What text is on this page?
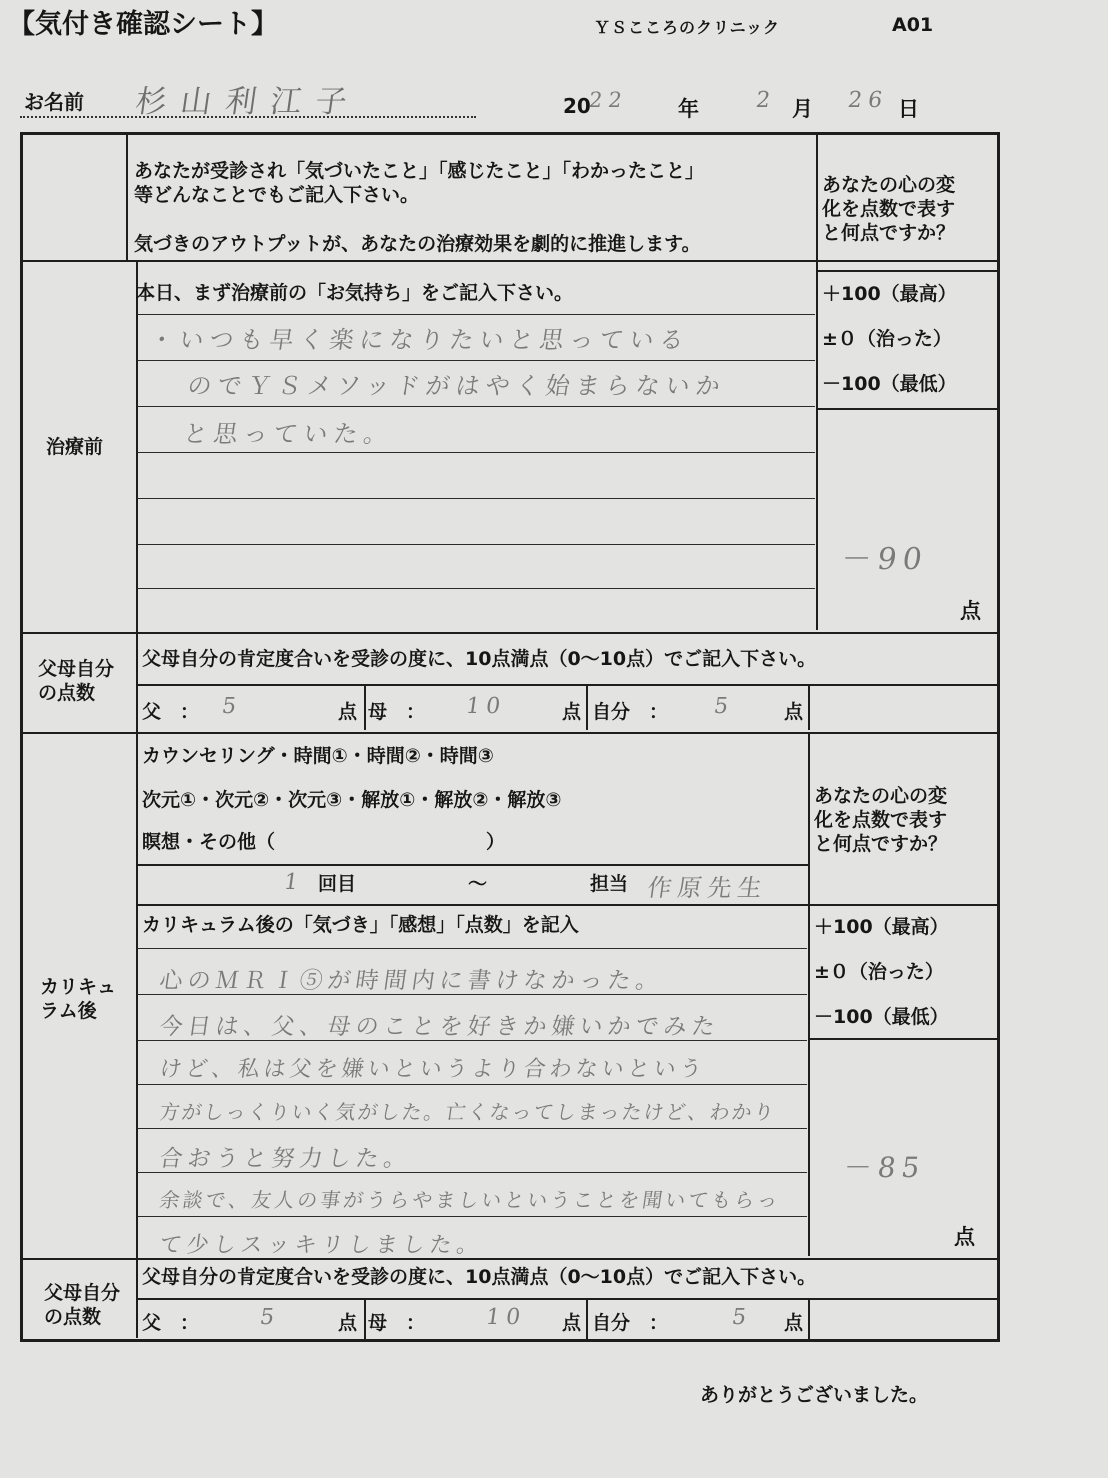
【気付き確認シート】	ＹＳこころのクリニック	A01
お名前 杉山利江子	20
22 年	2 月 26 日
あなたが受診され「気づいたこと」「感じたこと」「わかったこと」
等どんなことでもご記入下さい。
気づきのアウトプットが、あなたの治療効果を劇的に推進します。
あなたの心の変
化を点数で表す
と何点ですか？
治療前
本日、まず治療前の「お気持ち」をご記入下さい。
・いつも早く楽になりたいと思っている
のでＹＳメソッドがはやく始まらないか
と思っていた。
＋100（最高）
±０（治った）
－100（最低）
－90
点
父母自分
の点数
父母自分の肯定度合いを受診の度に、10点満点（0～10点）でご記入下さい。
父　： 5	点 母　： 10	点 自分　： 5	点
カリキュ
ラム後
カウンセリング・時間①・時間②・時間③
次元①・次元②・次元③・解放①・解放②・解放③
瞑想・その他（	）
1 回目	～	担当 作原先生
カリキュラム後の「気づき」「感想」「点数」を記入
あなたの心の変
化を点数で表す
と何点ですか？
心のＭＲＩ⑤が時間内に書けなかった。
今日は、父、母のことを好きか嫌いかでみた
けど、私は父を嫌いというより合わないという
方がしっくりいく気がした。亡くなってしまったけど、わかり
合おうと努力した。
余談で、友人の事がうらやましいということを聞いてもらっ
て少しスッキリしました。
＋100（最高）
±０（治った）
－100（最低）
－85
点
父母自分
の点数
父母自分の肯定度合いを受診の度に、10点満点（0～10点）でご記入下さい。
父　：	5	点 母　：	10 点 自分　：	5 点
ありがとうございました。
